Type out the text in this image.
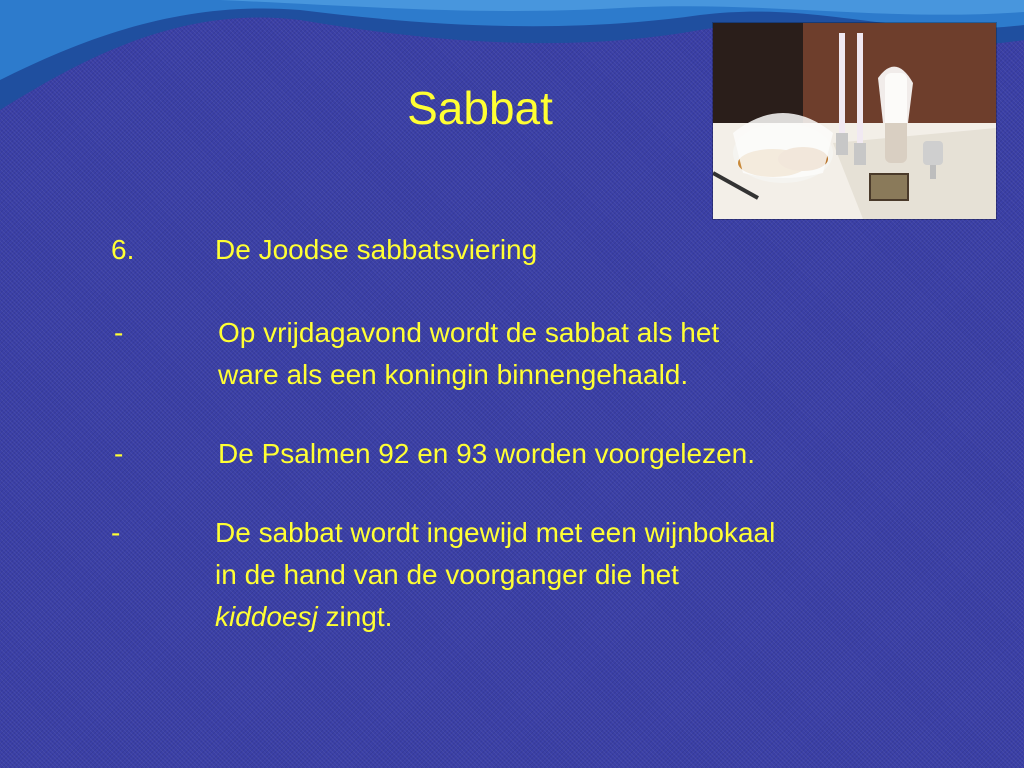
Sabbat
6.	De Joodse sabbatsviering
-	Op vrijdagavond wordt de sabbat als het
ware als een koningin binnengehaald.
-	De Psalmen 92 en 93 worden voorgelezen.
-	De sabbat wordt ingewijd met een wijnbokaal
in de hand van de voorganger die het
kiddoesj zingt.
